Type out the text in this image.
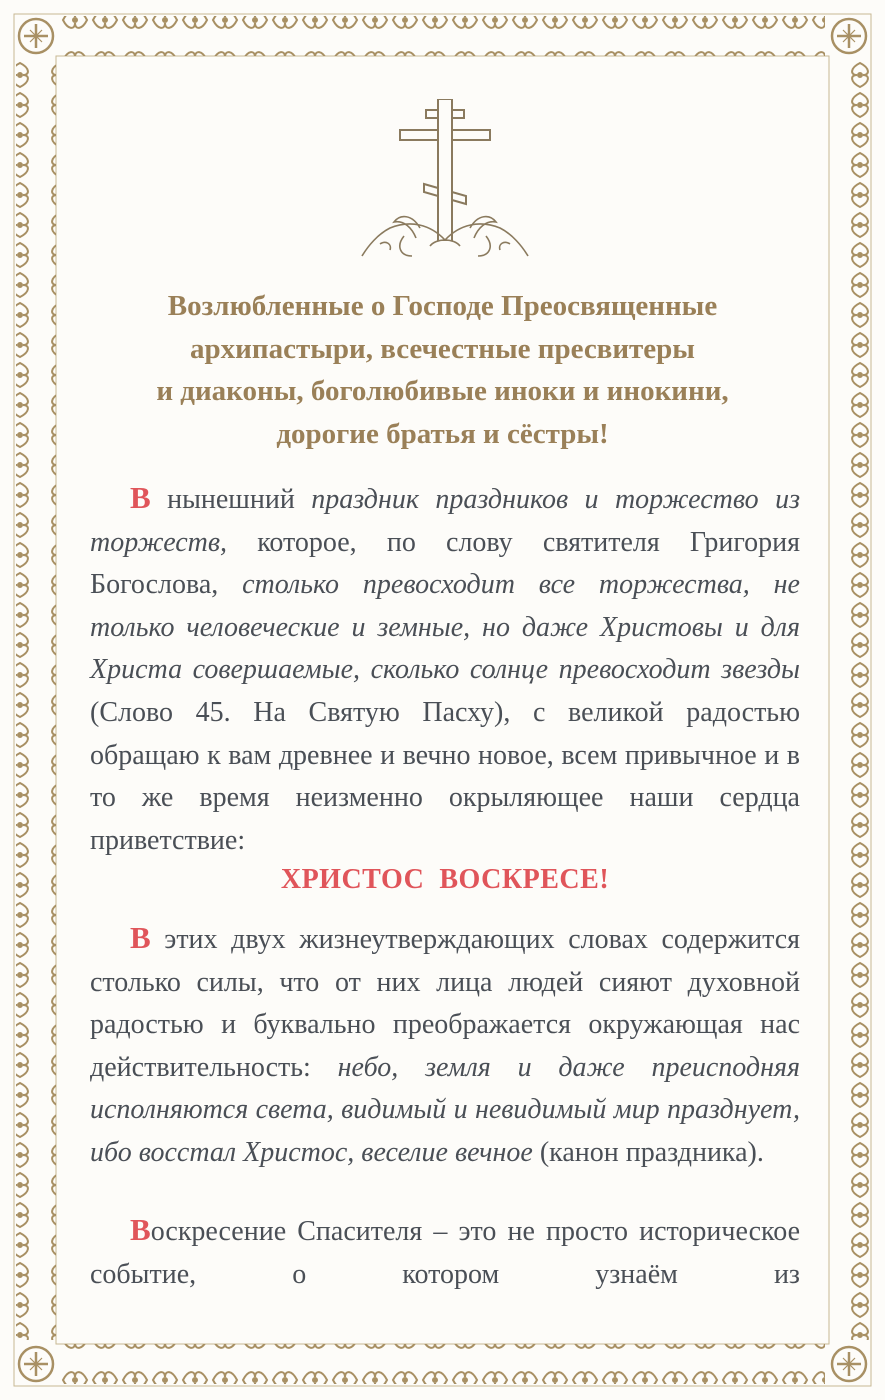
Возлюбленные о Господе Преосвященные
архипастыри, всечестные пресвитеры
и диаконы, боголюбивые иноки и инокини,
дорогие братья и сёстры!

В нынешний праздник праздников и торжество из торжеств, которое, по слову святителя Григория Богослова, столько превосходит все торжества, не только человеческие и земные, но даже Христовы и для Христа совершаемые, сколько солнце превосходит звезды (Слово 45. На Святую Пасху), с великой радостью обращаю к вам древнее и вечно новое, всем привычное и в то же время неизменно окрыляющее наши сердца приветствие:

ХРИСТОС  ВОСКРЕСЕ!

В этих двух жизнеутверждающих словах содержится столько силы, что от них лица людей сияют духовной радостью и буквально преображается окружающая нас действительность: небо, земля и даже преисподняя исполняются света, видимый и невидимый мир празднует, ибо восстал Христос, веселие вечное (канон праздника).

Воскресение Спасителя – это не просто историческое событие, о котором узнаём из
